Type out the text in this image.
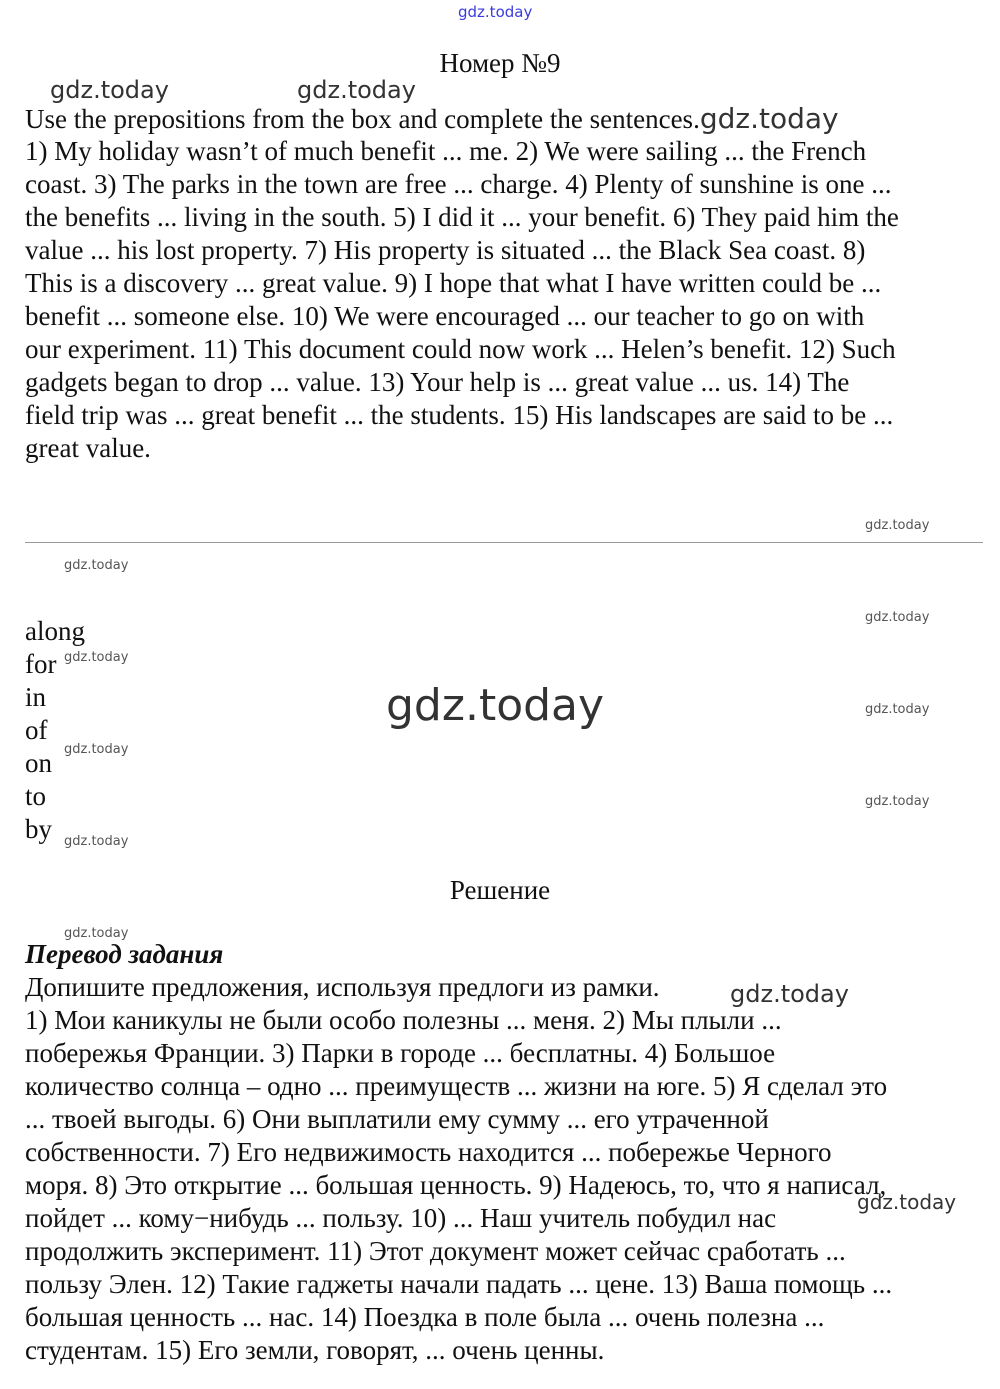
gdz.today
Номер №9
gdz.today	gdz.today
Use the prepositions from the box and complete the sentences.gdz.today
1) My holiday wasn’t of much benefit ... me. 2) We were sailing ... the French
coast. 3) The parks in the town are free ... charge. 4) Plenty of sunshine is one ...
the benefits ... living in the south. 5) I did it ... your benefit. 6) They paid him the
value ... his lost property. 7) His property is situated ... the Black Sea coast. 8)
This is a discovery ... great value. 9) I hope that what I have written could be ...
benefit ... someone else. 10) We were encouraged ... our teacher to go on with
our experiment. 11) This document could now work ... Helen’s benefit. 12) Such
gadgets began to drop ... value. 13) Your help is ... great value ... us. 14) The
field trip was ... great benefit ... the students. 15) His landscapes are said to be ...
great value.
gdz.today
gdz.today
along
for
in
of
on
to
by
gdz.today
gdz.today
gdz.today
gdz.today
gdz.today
gdz.today
gdz.today
Решение
gdz.today
Перевод задания
Допишите предложения, используя предлоги из рамки.	gdz.today
1) Мои каникулы не были особо полезны ... меня. 2) Мы плыли ...
побережья Франции. 3) Парки в городе ... бесплатны. 4) Большое
количество солнца – одно ... преимуществ ... жизни на юге. 5) Я сделал это
... твоей выгоды. 6) Они выплатили ему сумму ... его утраченной
собственности. 7) Его недвижимость находится ... побережье Черного
моря. 8) Это открытие ... большая ценность. 9) Надеюсь, то, что я написал,
пойдет ... кому−нибудь ... пользу. 10) ... Наш учитель побудил нас
продолжить эксперимент. 11) Этот документ может сейчас сработать ...
пользу Элен. 12) Такие гаджеты начали падать ... цене. 13) Ваша помощь ...
большая ценность ... нас. 14) Поездка в поле была ... очень полезна ...
студентам. 15) Его земли, говорят, ... очень ценны.
gdz.today
